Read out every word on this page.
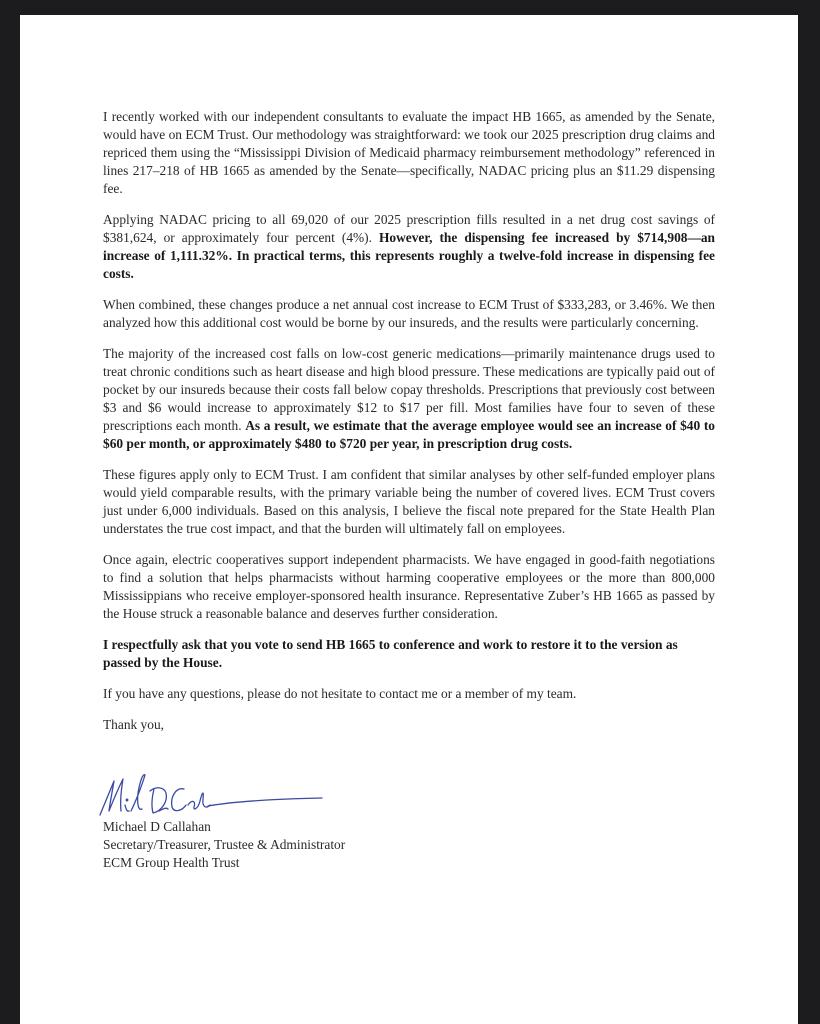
I recently worked with our independent consultants to evaluate the impact HB 1665, as amended by the Senate, would have on ECM Trust. Our methodology was straightforward: we took our 2025 prescription drug claims and repriced them using the “Mississippi Division of Medicaid pharmacy reimbursement methodology” referenced in lines 217–218 of HB 1665 as amended by the Senate—specifically, NADAC pricing plus an $11.29 dispensing fee.

Applying NADAC pricing to all 69,020 of our 2025 prescription fills resulted in a net drug cost savings of $381,624, or approximately four percent (4%). However, the dispensing fee increased by $714,908—an increase of 1,111.32%. In practical terms, this represents roughly a twelve-fold increase in dispensing fee costs.

When combined, these changes produce a net annual cost increase to ECM Trust of $333,283, or 3.46%. We then analyzed how this additional cost would be borne by our insureds, and the results were particularly concerning.

The majority of the increased cost falls on low-cost generic medications—primarily maintenance drugs used to treat chronic conditions such as heart disease and high blood pressure. These medications are typically paid out of pocket by our insureds because their costs fall below copay thresholds. Prescriptions that previously cost between $3 and $6 would increase to approximately $12 to $17 per fill. Most families have four to seven of these prescriptions each month. As a result, we estimate that the average employee would see an increase of $40 to $60 per month, or approximately $480 to $720 per year, in prescription drug costs.

These figures apply only to ECM Trust. I am confident that similar analyses by other self-funded employer plans would yield comparable results, with the primary variable being the number of covered lives. ECM Trust covers just under 6,000 individuals. Based on this analysis, I believe the fiscal note prepared for the State Health Plan understates the true cost impact, and that the burden will ultimately fall on employees.

Once again, electric cooperatives support independent pharmacists. We have engaged in good-faith negotiations to find a solution that helps pharmacists without harming cooperative employees or the more than 800,000 Mississippians who receive employer-sponsored health insurance. Representative Zuber’s HB 1665 as passed by the House struck a reasonable balance and deserves further consideration.

I respectfully ask that you vote to send HB 1665 to conference and work to restore it to the version as passed by the House.

If you have any questions, please do not hesitate to contact me or a member of my team.

Thank you,

Michael D Callahan
Secretary/Treasurer, Trustee & Administrator
ECM Group Health Trust
